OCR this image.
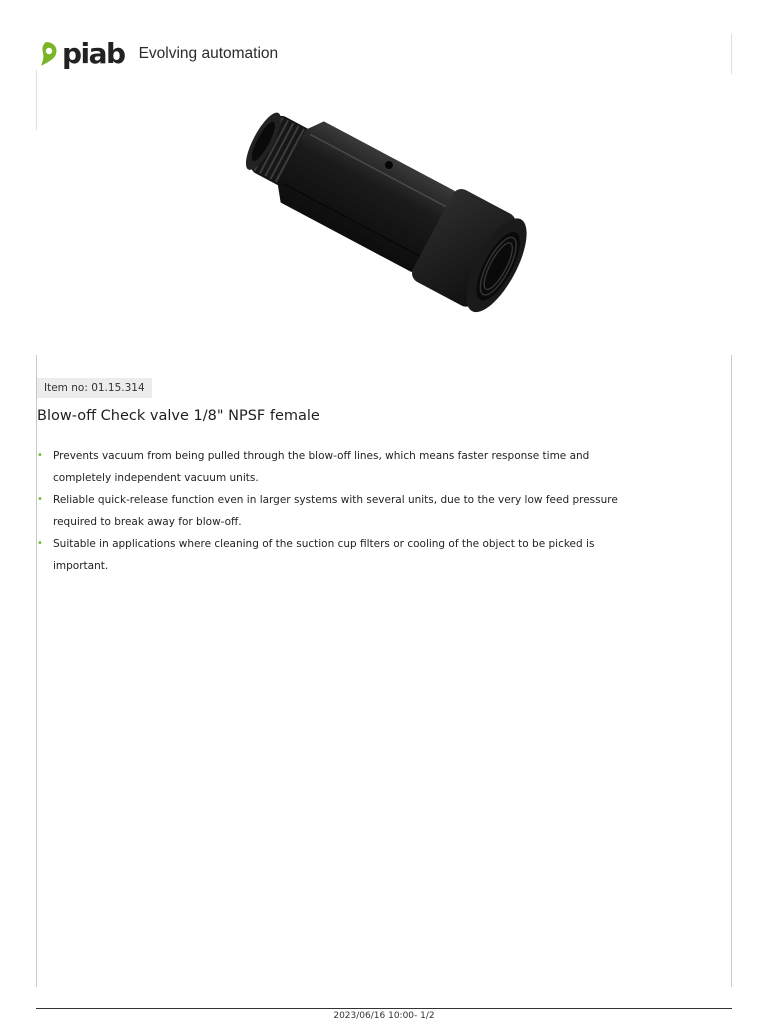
piab Evolving automation
Item no: 01.15.314
Blow-off Check valve 1/8" NPSF female
• Prevents vacuum from being pulled through the blow-off lines, which means faster response time and completely independent vacuum units.
• Reliable quick-release function even in larger systems with several units, due to the very low feed pressure required to break away for blow-off.
• Suitable in applications where cleaning of the suction cup filters or cooling of the object to be picked is important.
2023/06/16 10:00- 1/2
